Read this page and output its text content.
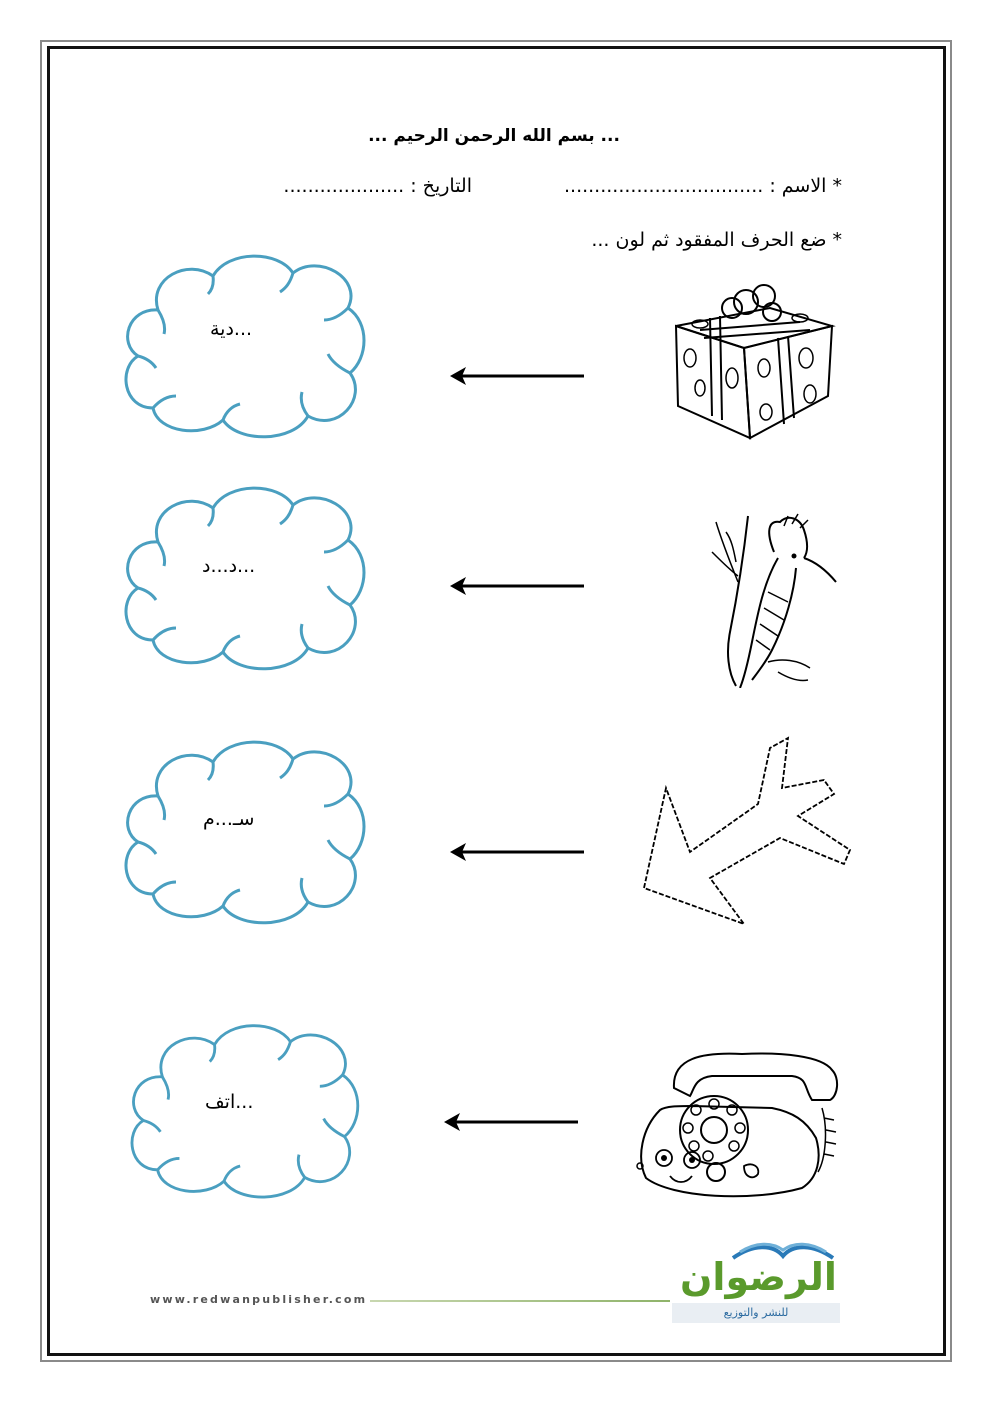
... بسم الله الرحمن الرحيم ...
* الاسم : .................................
التاريخ : ....................
* ضع الحرف المفقود ثم لون ...
...دية
...د...د
سـ...م
...اتف
www.redwanpublisher.com
الرضوان
للنشر والتوزيع
